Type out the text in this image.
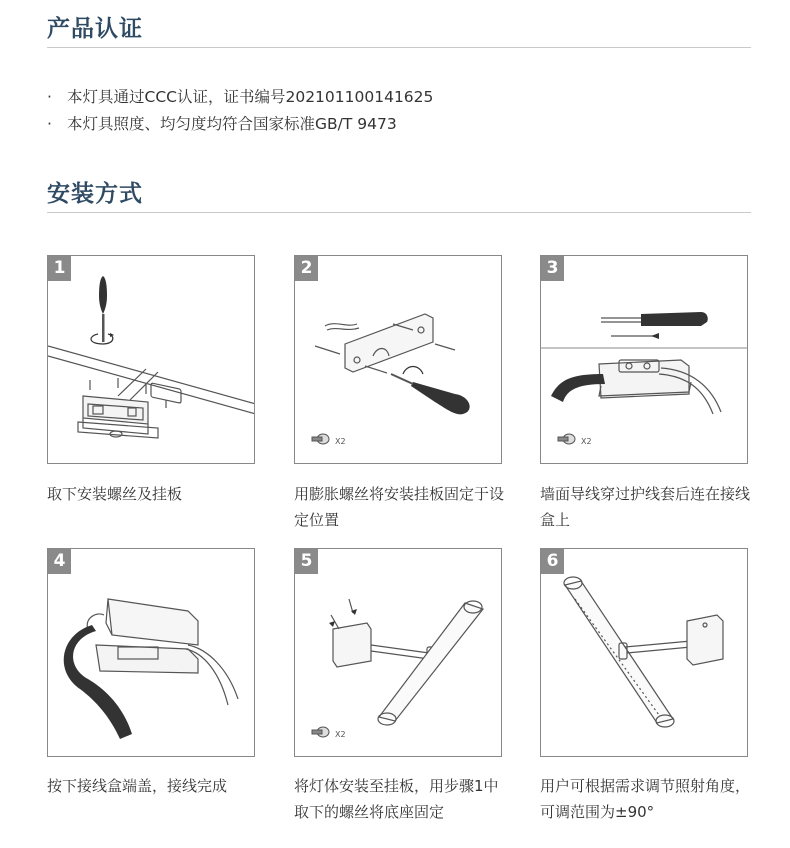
产品认证
· 本灯具通过CCC认证，证书编号202101100141625
· 本灯具照度、均匀度均符合国家标准GB/T 9473
安装方式
1

取下安装螺丝及挂板

X2
2

用膨胀螺丝将安装挂板固定于设定位置

X2
3

墙面导线穿过护线套后连在接线盒上

4

按下接线盒端盖，接线完成

X2
5

将灯体安装至挂板，用步骤1中取下的螺丝将底座固定

6

用户可根据需求调节照射角度，可调范围为±90°
